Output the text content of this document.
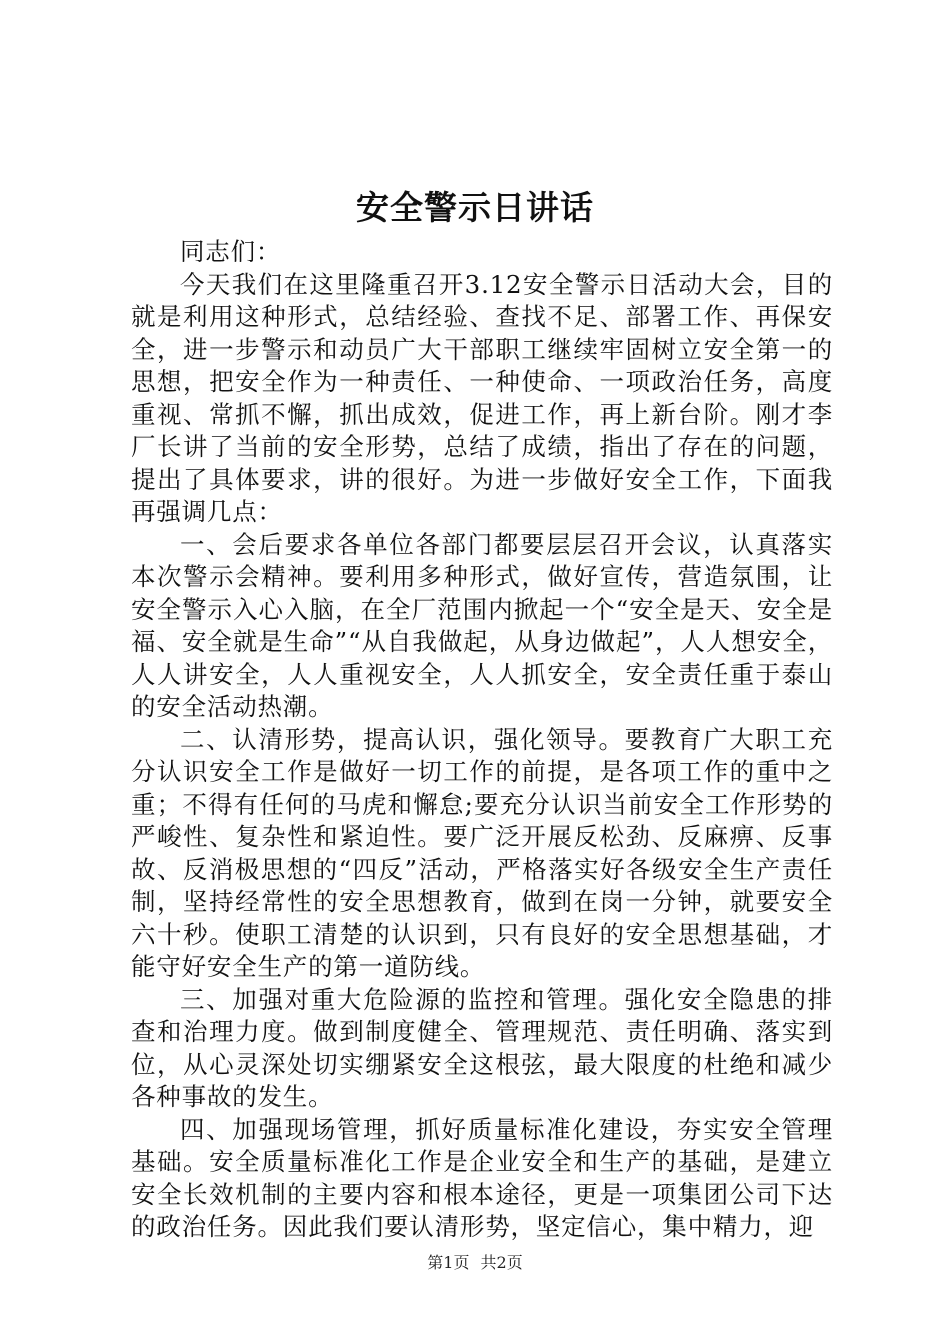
安全警示日讲话

同志们：

今天我们在这里隆重召开3.12安全警示日活动大会，目的就是利用这种形式，总结经验、查找不足、部署工作、再保安全，进一步警示和动员广大干部职工继续牢固树立安全第一的思想，把安全作为一种责任、一种使命、一项政治任务，高度重视、常抓不懈，抓出成效，促进工作，再上新台阶。刚才李厂长讲了当前的安全形势，总结了成绩，指出了存在的问题，提出了具体要求，讲的很好。为进一步做好安全工作，下面我再强调几点：

一、会后要求各单位各部门都要层层召开会议，认真落实本次警示会精神。要利用多种形式，做好宣传，营造氛围，让安全警示入心入脑，在全厂范围内掀起一个“安全是天、安全是福、安全就是生命”“从自我做起，从身边做起”，人人想安全，人人讲安全，人人重视安全，人人抓安全，安全责任重于泰山的安全活动热潮。

二、认清形势，提高认识，强化领导。要教育广大职工充分认识安全工作是做好一切工作的前提，是各项工作的重中之重；不得有任何的马虎和懈怠;要充分认识当前安全工作形势的严峻性、复杂性和紧迫性。要广泛开展反松劲、反麻痹、反事故、反消极思想的“四反”活动，严格落实好各级安全生产责任制，坚持经常性的安全思想教育，做到在岗一分钟，就要安全六十秒。使职工清楚的认识到，只有良好的安全思想基础，才能守好安全生产的第一道防线。

三、加强对重大危险源的监控和管理。强化安全隐患的排查和治理力度。做到制度健全、管理规范、责任明确、落实到位，从心灵深处切实绷紧安全这根弦，最大限度的杜绝和减少各种事故的发生。

四、加强现场管理，抓好质量标准化建设，夯实安全管理基础。安全质量标准化工作是企业安全和生产的基础，是建立安全长效机制的主要内容和根本途径，更是一项集团公司下达的政治任务。因此我们要认清形势，坚定信心，集中精力，迎

第1页 共2页
